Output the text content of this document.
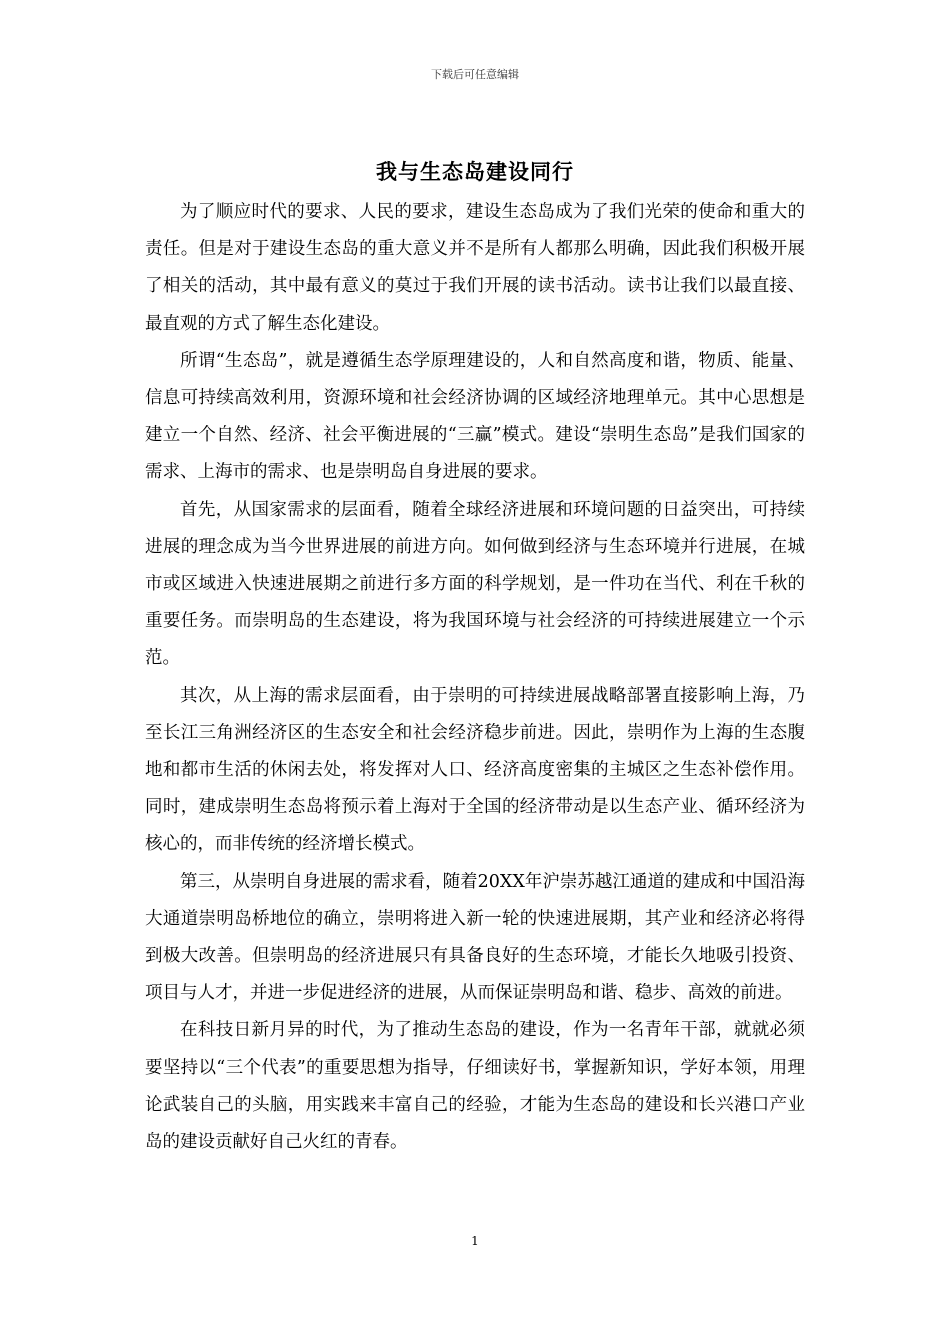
下载后可任意编辑
我与生态岛建设同行

为了顺应时代的要求、人民的要求，建设生态岛成为了我们光荣的使命和重大的责任。但是对于建设生态岛的重大意义并不是所有人都那么明确，因此我们积极开展了相关的活动，其中最有意义的莫过于我们开展的读书活动。读书让我们以最直接、最直观的方式了解生态化建设。

所谓“生态岛”，就是遵循生态学原理建设的，人和自然高度和谐，物质、能量、信息可持续高效利用，资源环境和社会经济协调的区域经济地理单元。其中心思想是建立一个自然、经济、社会平衡进展的“三赢”模式。建设“崇明生态岛”是我们国家的需求、上海市的需求、也是崇明岛自身进展的要求。

首先，从国家需求的层面看，随着全球经济进展和环境问题的日益突出，可持续进展的理念成为当今世界进展的前进方向。如何做到经济与生态环境并行进展，在城市或区域进入快速进展期之前进行多方面的科学规划，是一件功在当代、利在千秋的重要任务。而崇明岛的生态建设，将为我国环境与社会经济的可持续进展建立一个示范。

其次，从上海的需求层面看，由于崇明的可持续进展战略部署直接影响上海，乃至长江三角洲经济区的生态安全和社会经济稳步前进。因此，崇明作为上海的生态腹地和都市生活的休闲去处，将发挥对人口、经济高度密集的主城区之生态补偿作用。同时，建成崇明生态岛将预示着上海对于全国的经济带动是以生态产业、循环经济为核心的，而非传统的经济增长模式。

第三，从崇明自身进展的需求看，随着20XX年沪崇苏越江通道的建成和中国沿海大通道崇明岛桥地位的确立，崇明将进入新一轮的快速进展期，其产业和经济必将得到极大改善。但崇明岛的经济进展只有具备良好的生态环境，才能长久地吸引投资、项目与人才，并进一步促进经济的进展，从而保证崇明岛和谐、稳步、高效的前进。

在科技日新月异的时代，为了推动生态岛的建设，作为一名青年干部，就就必须要坚持以“三个代表”的重要思想为指导，仔细读好书，掌握新知识，学好本领，用理论武装自己的头脑，用实践来丰富自己的经验，才能为生态岛的建设和长兴港口产业岛的建设贡献好自己火红的青春。

1
